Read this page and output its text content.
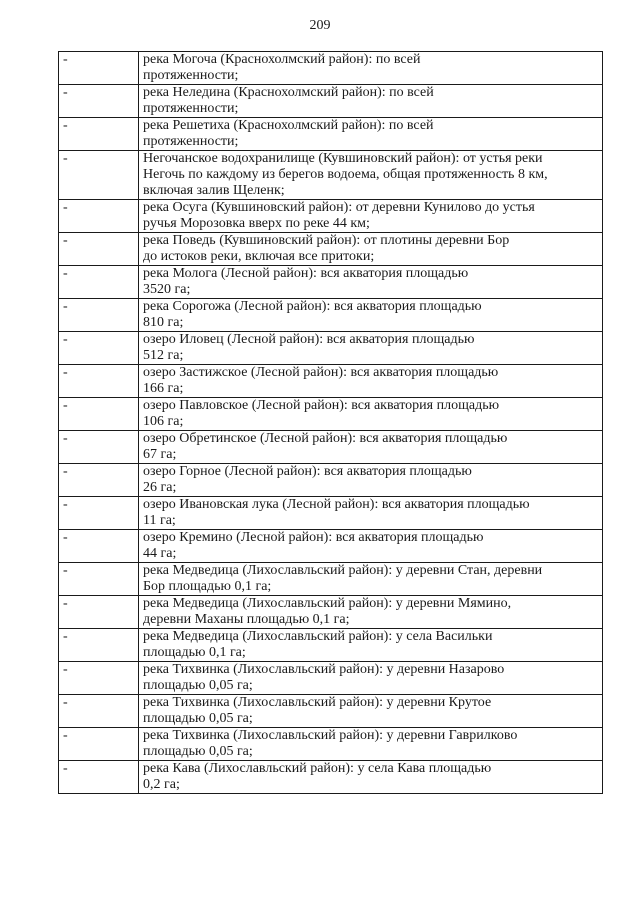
209
-	река Могоча (Краснохолмский район): по всей
протяженности;

-	река Неледина (Краснохолмский район): по всей
протяженности;

-	река Решетиха (Краснохолмский район): по всей
протяженности;

-	Негочанское водохранилище (Кувшиновский район): от устья реки
Негочь по каждому из берегов водоема, общая протяженность 8 км,
включая залив Щеленк;

-	река Осуга (Кувшиновский район): от деревни Кунилово до устья
ручья Морозовка вверх по реке 44 км;

-	река Поведь (Кувшиновский район): от плотины деревни Бор
до истоков реки, включая все притоки;

-	река Молога (Лесной район): вся акватория площадью
3520 га;

-	река Сорогожа (Лесной район): вся акватория площадью
810 га;

-	озеро Иловец (Лесной район): вся акватория площадью
512 га;

-	озеро Застижское (Лесной район): вся акватория площадью
166 га;

-	озеро Павловское (Лесной район): вся акватория площадью
106 га;

-	озеро Обретинское (Лесной район): вся акватория площадью
67 га;

-	озеро Горное (Лесной район): вся акватория площадью
26 га;

-	озеро Ивановская лука (Лесной район): вся акватория площадью
11 га;

-	озеро Кремино (Лесной район): вся акватория площадью
44 га;

-	река Медведица (Лихославльский район): у деревни Стан, деревни
Бор площадью 0,1 га;

-	река Медведица (Лихославльский район): у деревни Мямино,
деревни Маханы площадью 0,1 га;

-	река Медведица (Лихославльский район): у села Васильки
площадью 0,1 га;

-	река Тихвинка (Лихославльский район): у деревни Назарово
площадью 0,05 га;

-	река Тихвинка (Лихославльский район): у деревни Крутое
площадью 0,05 га;

-	река Тихвинка (Лихославльский район): у деревни Гаврилково
площадью 0,05 га;

-	река Кава (Лихославльский район): у села Кава площадью
0,2 га;
